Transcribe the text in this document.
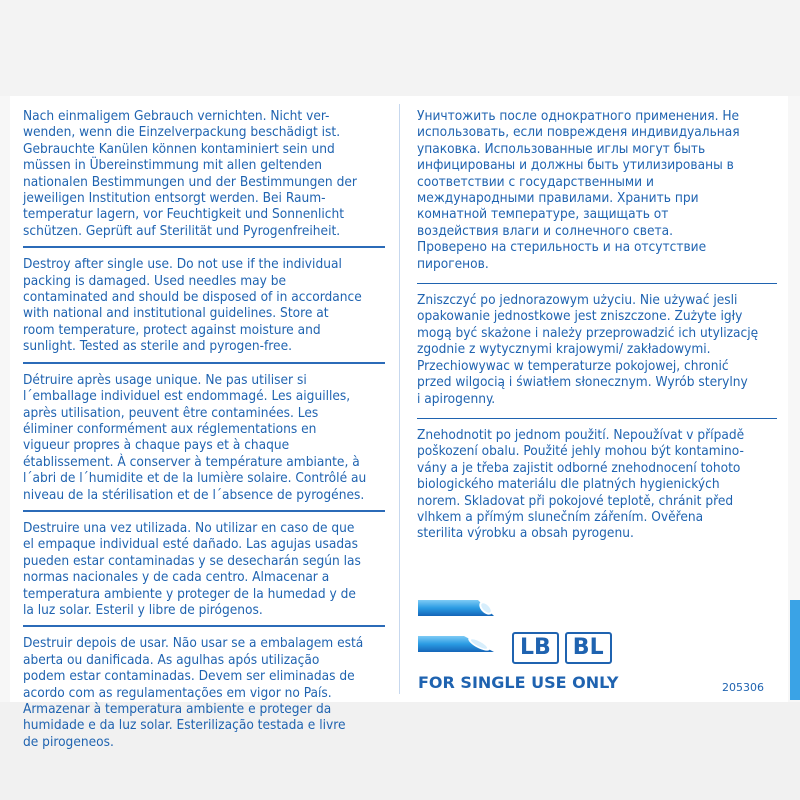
Nach einmaligem Gebrauch vernichten. Nicht ver-
wenden, wenn die Einzelverpackung beschädigt ist.
Gebrauchte Kanülen können kontaminiert sein und
müssen in Übereinstimmung mit allen geltenden
nationalen Bestimmungen und der Bestimmungen der
jeweiligen Institution entsorgt werden. Bei Raum-
temperatur lagern, vor Feuchtigkeit und Sonnenlicht
schützen. Geprüft auf Sterilität und Pyrogenfreiheit.
Destroy after single use. Do not use if the individual
packing is damaged. Used needles may be
contaminated and should be disposed of in accordance
with national and institutional guidelines. Store at
room temperature, protect against moisture and
sunlight. Tested as sterile and pyrogen-free.
Détruire après usage unique. Ne pas utiliser si
l´emballage individuel est endommagé. Les aiguilles,
après utilisation, peuvent être contaminées. Les
éliminer conformément aux réglementations en
vigueur propres à chaque pays et à chaque
établissement. À conserver à température ambiante, à
l´abri de l´humidite et de la lumière solaire. Contrôlé au
niveau de la stérilisation et de l´absence de pyrogénes.
Destruire una vez utilizada. No utilizar en caso de que
el empaque individual esté dañado. Las agujas usadas
pueden estar contaminadas y se desecharán según las
normas nacionales y de cada centro. Almacenar a
temperatura ambiente y proteger de la humedad y de
la luz solar. Esteril y libre de pirógenos.
Destruir depois de usar. Não usar se a embalagem está
aberta ou danificada. As agulhas após utilização
podem estar contaminadas. Devem ser eliminadas de
acordo com as regulamentações em vigor no País.
Armazenar à temperatura ambiente e proteger da
humidade e da luz solar. Esterilização testada e livre
de pirogeneos.
Уничтожить после однократного применения. Не
использовать, если поврежденя индивидуальная
упаковка. Использованные иглы могут быть
инфицированы и должны быть утилизированы в
соответствии с государственными и
международными правилами. Хранить при
комнатной температуре, защищать от
воздействия влаги и солнечного света.
Проверено на стерильность и на отсутствие
пирогенов.
Zniszczyć po jednorazowym użyciu. Nie używać jesli
opakowanie jednostkowe jest zniszczone. Zużyte igły
mogą być skażone i należy przeprowadzić ich utylizację
zgodnie z wytycznymi krajowymi/ zakładowymi.
Przechiowywac w temperaturze pokojowej, chronić
przed wilgocią i światłem słonecznym. Wyrób sterylny
i apirogenny.
Znehodnotit po jednom použití. Nepoužívat v případě
poškození obalu. Použité jehly mohou být kontamino-
vány a je třeba zajistit odborné znehodnocení tohoto
biologického materiálu dle platných hygienických
norem. Skladovat při pokojové teplotě, chránit před
vlhkem a přímým slunečním zářením. Ověřena
sterilita výrobku a obsah pyrogenu.
LB	BL
FOR SINGLE USE ONLY	205306
